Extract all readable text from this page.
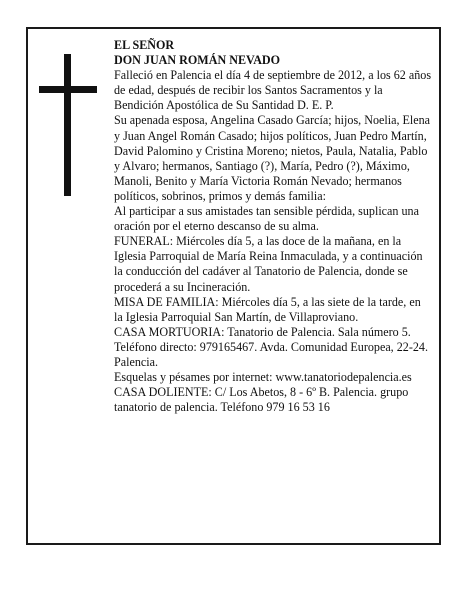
EL SEÑOR

DON JUAN ROMÁN NEVADO

Falleció en Palencia el día 4 de septiembre de 2012, a los 62 años de edad, después de recibir los Santos Sacramentos y la Bendición Apostólica de Su Santidad D. E. P.

Su apenada esposa, Angelina Casado García; hijos, Noelia, Elena y Juan Angel Román Casado; hijos políticos, Juan Pedro Martín, David Palomino y Cristina Moreno; nietos, Paula, Natalia, Pablo y Alvaro; hermanos, Santiago (?), María, Pedro (?), Máximo, Manoli, Benito y María Victoria Román Nevado; hermanos políticos, sobrinos, primos y demás familia:

Al participar a sus amistades tan sensible pérdida, suplican una oración por el eterno descanso de su alma.

FUNERAL: Miércoles día 5, a las doce de la mañana, en la Iglesia Parroquial de María Reina Inmaculada, y a continuación la conducción del cadáver al Tanatorio de Palencia, donde se procederá a su Incineración.

MISA DE FAMILIA: Miércoles día 5, a las siete de la tarde, en la Iglesia Parroquial San Martín, de Villaproviano.

CASA MORTUORIA: Tanatorio de Palencia. Sala número 5. Teléfono directo: 979165467. Avda. Comunidad Europea, 22-24. Palencia.

Esquelas y pésames por internet: www.tanatoriodepalencia.es

CASA DOLIENTE: C/ Los Abetos, 8 - 6º B. Palencia. grupo tanatorio de palencia. Teléfono 979 16 53 16
